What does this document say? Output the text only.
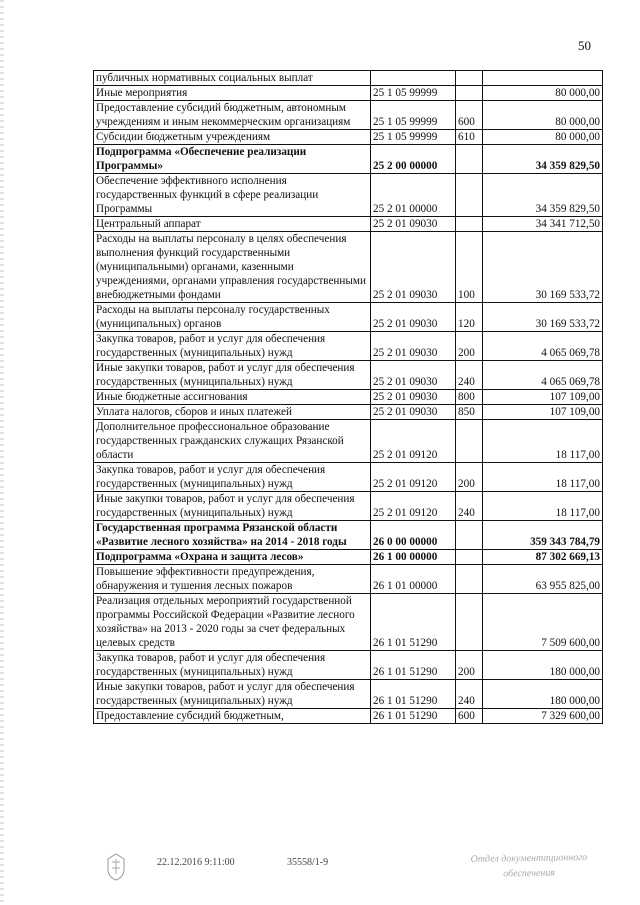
50
публичных нормативных социальных выплат			
Иные мероприятия	25 1 05 99999		80 000,00
Предоставление субсидий бюджетным, автономным учреждениям и иным некоммерческим организациям	25 1 05 99999	600	80 000,00
Субсидии бюджетным учреждениям	25 1 05 99999	610	80 000,00
Подпрограмма «Обеспечение реализации Программы»	25 2 00 00000		34 359 829,50
Обеспечение эффективного исполнения государственных функций в сфере реализации Программы	25 2 01 00000		34 359 829,50
Центральный аппарат	25 2 01 09030		34 341 712,50
Расходы на выплаты персоналу в целях обеспечения выполнения функций государственными (муниципальными) органами, казенными учреждениями, органами управления государственными внебюджетными фондами	25 2 01 09030	100	30 169 533,72
Расходы на выплаты персоналу государственных (муниципальных) органов	25 2 01 09030	120	30 169 533,72
Закупка товаров, работ и услуг для обеспечения государственных (муниципальных) нужд	25 2 01 09030	200	4 065 069,78
Иные закупки товаров, работ и услуг для обеспечения государственных (муниципальных) нужд	25 2 01 09030	240	4 065 069,78
Иные бюджетные ассигнования	25 2 01 09030	800	107 109,00
Уплата налогов, сборов и иных платежей	25 2 01 09030	850	107 109,00
Дополнительное профессиональное образование государственных гражданских служащих Рязанской области	25 2 01 09120		18 117,00
Закупка товаров, работ и услуг для обеспечения государственных (муниципальных) нужд	25 2 01 09120	200	18 117,00
Иные закупки товаров, работ и услуг для обеспечения государственных (муниципальных) нужд	25 2 01 09120	240	18 117,00
Государственная программа Рязанской области «Развитие лесного хозяйства» на 2014 - 2018 годы	26 0 00 00000		359 343 784,79
Подпрограмма «Охрана и защита лесов»	26 1 00 00000		87 302 669,13
Повышение эффективности предупреждения, обнаружения и тушения лесных пожаров	26 1 01 00000		63 955 825,00
Реализация отдельных мероприятий государственной программы Российской Федерации «Развитие лесного хозяйства» на 2013 - 2020 годы за счет федеральных целевых средств	26 1 01 51290		7 509 600,00
Закупка товаров, работ и услуг для обеспечения государственных (муниципальных) нужд	26 1 01 51290	200	180 000,00
Иные закупки товаров, работ и услуг для обеспечения государственных (муниципальных) нужд	26 1 01 51290	240	180 000,00
Предоставление субсидий бюджетным,	26 1 01 51290	600	7 329 600,00
22.12.2016 9:11:00	35558/1-9	Отдел документационного обеспечения
